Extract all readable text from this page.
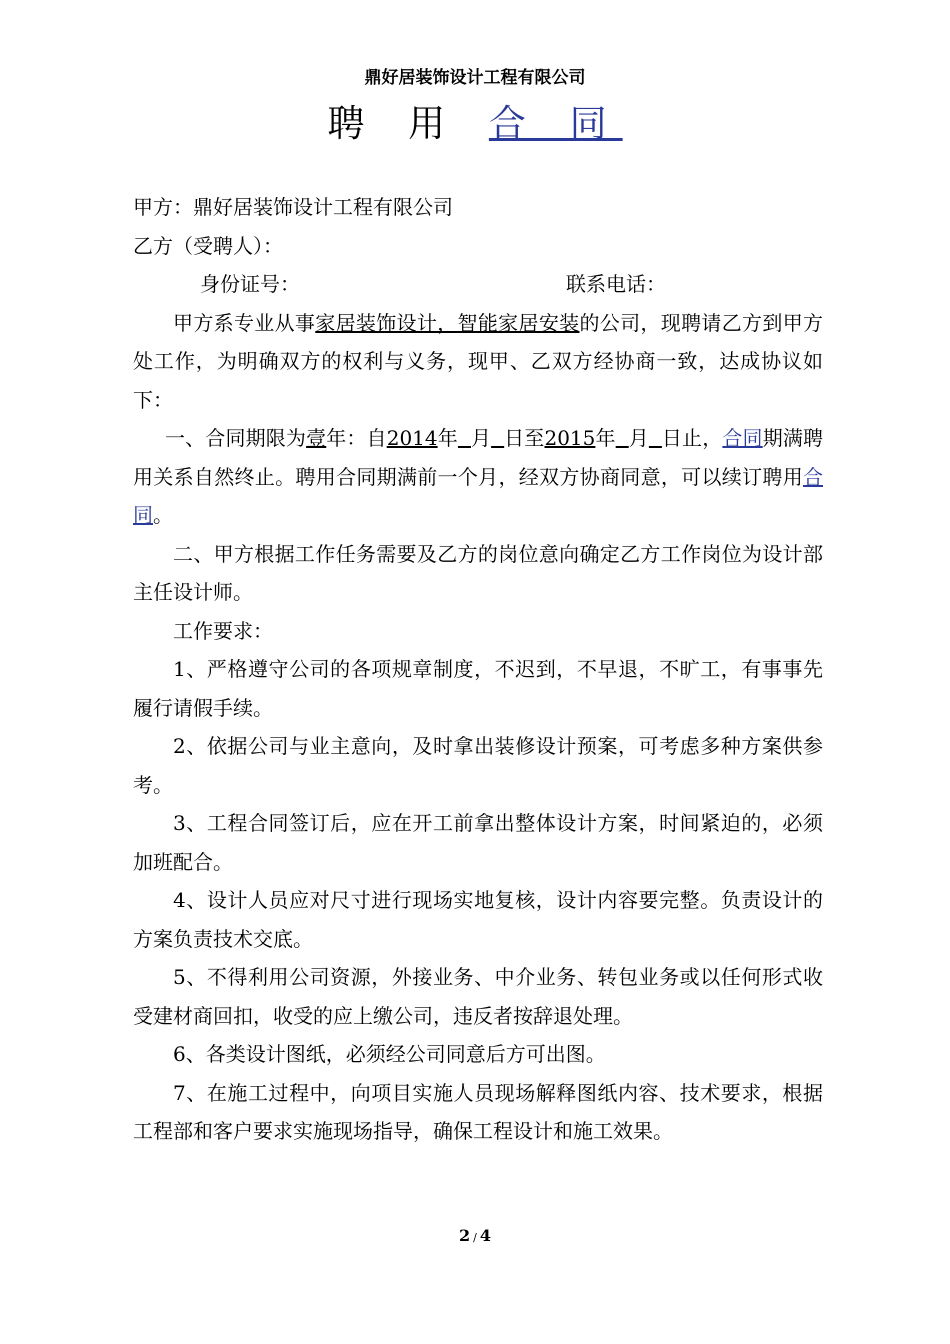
鼎好居装饰设计工程有限公司
聘 用 合 同

甲方：鼎好居装饰设计工程有限公司

乙方（受聘人）：

身份证号：	联系电话：

甲方系专业从事家居装饰设计，智能家居安装的公司，现聘请乙方到甲方处工作，为明确双方的权利与义务，现甲、乙双方经协商一致，达成协议如下：

一、合同期限为壹年：自2014年 月 日至2015年 月 日止，合同期满聘用关系自然终止。聘用合同期满前一个月，经双方协商同意，可以续订聘用合同。

二、甲方根据工作任务需要及乙方的岗位意向确定乙方工作岗位为设计部主任设计师。

工作要求：

1、严格遵守公司的各项规章制度，不迟到，不早退，不旷工，有事事先履行请假手续。

2、依据公司与业主意向，及时拿出装修设计预案，可考虑多种方案供参考。

3、工程合同签订后，应在开工前拿出整体设计方案，时间紧迫的，必须加班配合。

4、设计人员应对尺寸进行现场实地复核，设计内容要完整。负责设计的方案负责技术交底。

5、不得利用公司资源，外接业务、中介业务、转包业务或以任何形式收受建材商回扣，收受的应上缴公司，违反者按辞退处理。

6、各类设计图纸，必须经公司同意后方可出图。

7、在施工过程中，向项目实施人员现场解释图纸内容、技术要求，根据工程部和客户要求实施现场指导，确保工程设计和施工效果。

2 / 4
